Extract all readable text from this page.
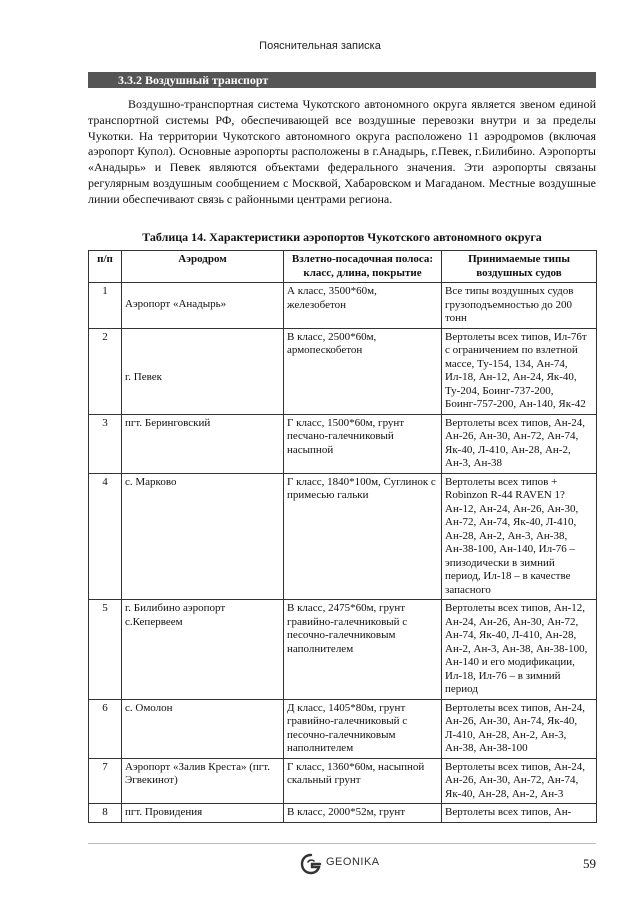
Пояснительная записка
3.3.2 Воздушный транспорт

Воздушно-транспортная система Чукотского автономного округа является звеном единой транспортной системы РФ, обеспечивающей все воздушные перевозки внутри и за пределы Чукотки. На территории Чукотского автономного округа расположено 11 аэродромов (включая аэропорт Купол). Основные аэропорты расположены в г.Анадырь, г.Певек, г.Билибино. Аэропорты «Анадырь» и Певек являются объектами федерального значения. Эти аэропорты связаны регулярным воздушным сообщением с Москвой, Хабаровском и Магаданом. Местные воздушные линии обеспечивают связь с районными центрами региона.

Таблица 14. Характеристики аэропортов Чукотского автономного округа
п/п	Аэродром	Взлетно-посадочная полоса: класс, длина, покрытие	Принимаемые типы воздушных судов
1	Аэропорт «Анадырь»	А класс, 3500*60м, железобетон	Все типы воздушных судов грузоподъемностью до 200 тонн
2	г. Певек	В класс, 2500*60м, армопескобетон	Вертолеты всех типов, Ил-76т с ограничением по взлетной массе, Ту-154, 134, Ан-74, Ил-18, Ан-12, Ан-24, Як-40, Ту-204, Боинг-737-200, Боинг-757-200, Ан-140, Як-42
3	пгт. Беринговский	Г класс, 1500*60м, грунт песчано-галечниковый насыпной	Вертолеты всех типов, Ан-24, Ан-26, Ан-30, Ан-72, Ан-74, Як-40, Л-410, Ан-28, Ан-2, Ан-3, Ан-38
4	с. Марково	Г класс, 1840*100м, Суглинок с примесью гальки	Вертолеты всех типов + Robinzon R-44 RAVEN 1? Ан-12, Ан-24, Ан-26, Ан-30, Ан-72, Ан-74, Як-40, Л-410, Ан-28, Ан-2, Ан-3, Ан-38, Ан-38-100, Ан-140, Ил-76 – эпизодически в зимний период, Ил-18 – в качестве запасного
5	г. Билибино аэропорт с.Кепервеем	В класс, 2475*60м, грунт гравийно-галечниковый с песочно-галечниковым наполнителем	Вертолеты всех типов, Ан-12, Ан-24, Ан-26, Ан-30, Ан-72, Ан-74, Як-40, Л-410, Ан-28, Ан-2, Ан-3, Ан-38, Ан-38-100, Ан-140 и его модификации, Ил-18, Ил-76 – в зимний период
6	с. Омолон	Д класс, 1405*80м, грунт гравийно-галечниковый с песочно-галечниковым наполнителем	Вертолеты всех типов, Ан-24, Ан-26, Ан-30, Ан-74, Як-40, Л-410, Ан-28, Ан-2, Ан-3, Ан-38, Ан-38-100
7	Аэропорт «Залив Креста» (пгт. Эгвекинот)	Г класс, 1360*60м, насыпной скальный грунт	Вертолеты всех типов, Ан-24, Ан-26, Ан-30, Ан-72, Ан-74, Як-40, Ан-28, Ан-2, Ан-3
8	пгт. Провидения	В класс, 2000*52м, грунт	Вертолеты всех типов, Ан-
GEONIKA	59
